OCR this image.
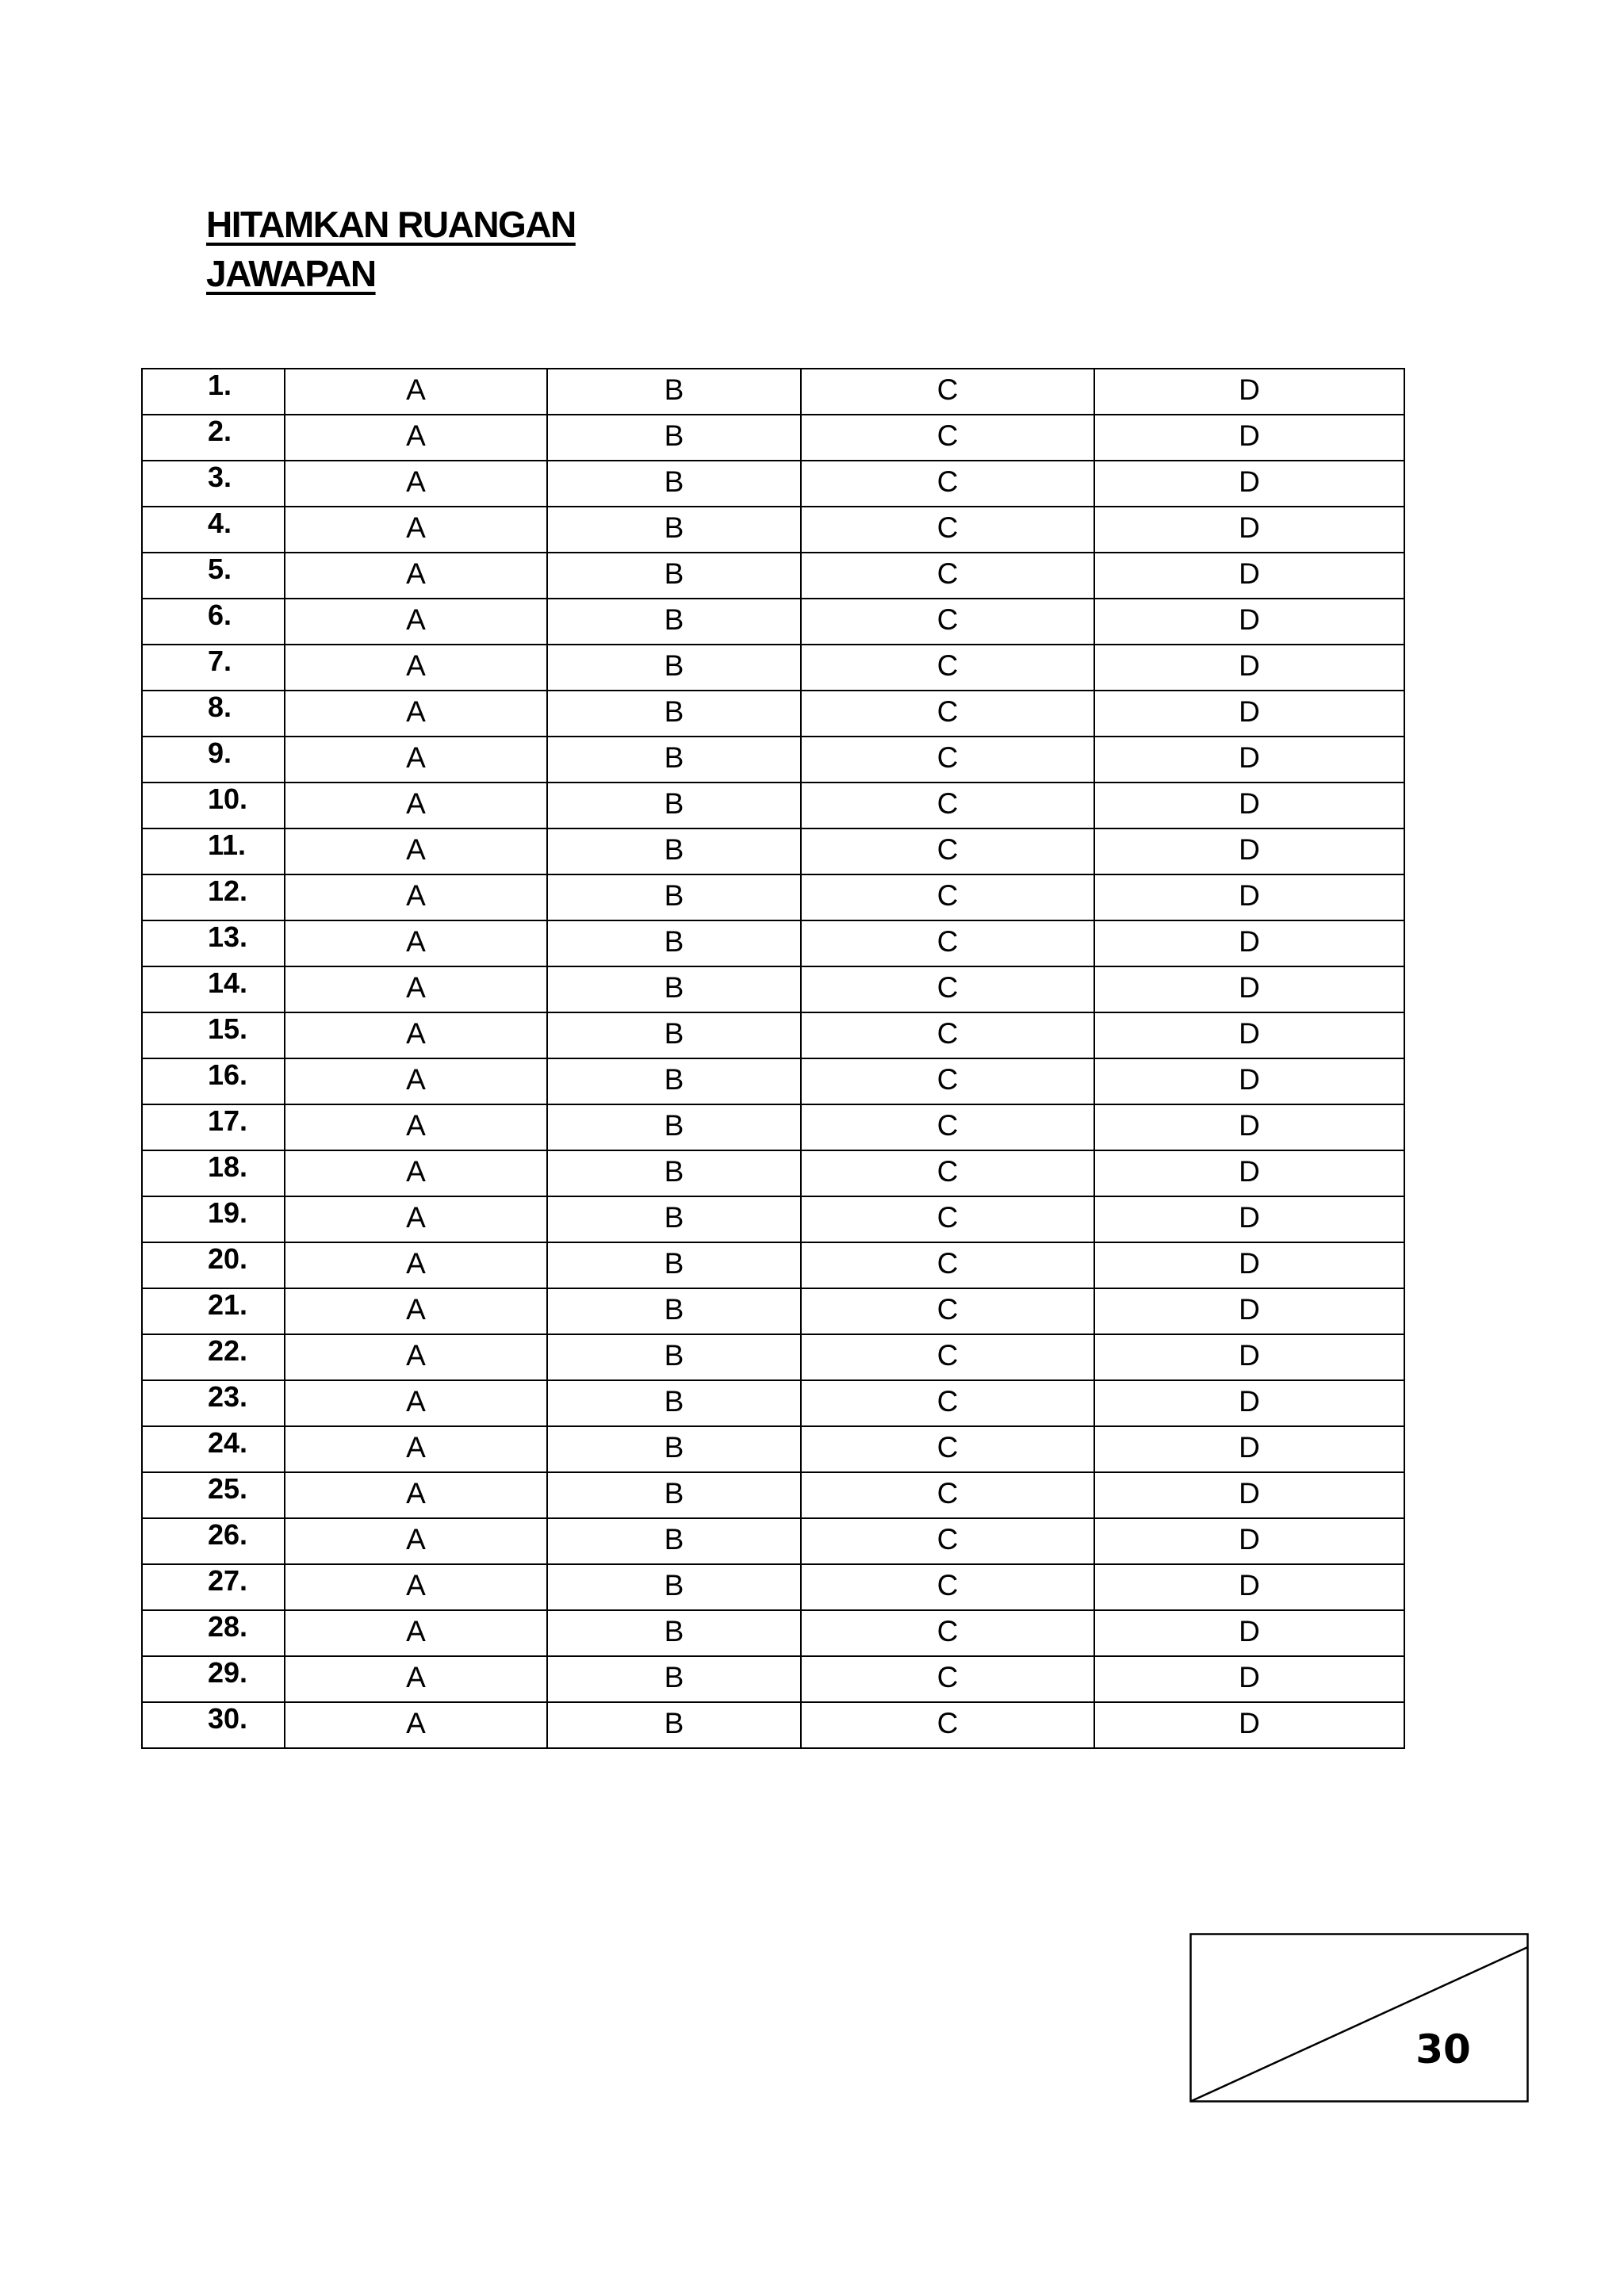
HITAMKAN RUANGAN
JAWAPAN
1.	A	B	C	D
2.	A	B	C	D
3.	A	B	C	D
4.	A	B	C	D
5.	A	B	C	D
6.	A	B	C	D
7.	A	B	C	D
8.	A	B	C	D
9.	A	B	C	D
10.	A	B	C	D
11.	A	B	C	D
12.	A	B	C	D
13.	A	B	C	D
14.	A	B	C	D
15.	A	B	C	D
16.	A	B	C	D
17.	A	B	C	D
18.	A	B	C	D
19.	A	B	C	D
20.	A	B	C	D
21.	A	B	C	D
22.	A	B	C	D
23.	A	B	C	D
24.	A	B	C	D
25.	A	B	C	D
26.	A	B	C	D
27.	A	B	C	D
28.	A	B	C	D
29.	A	B	C	D
30.	A	B	C	D
30
